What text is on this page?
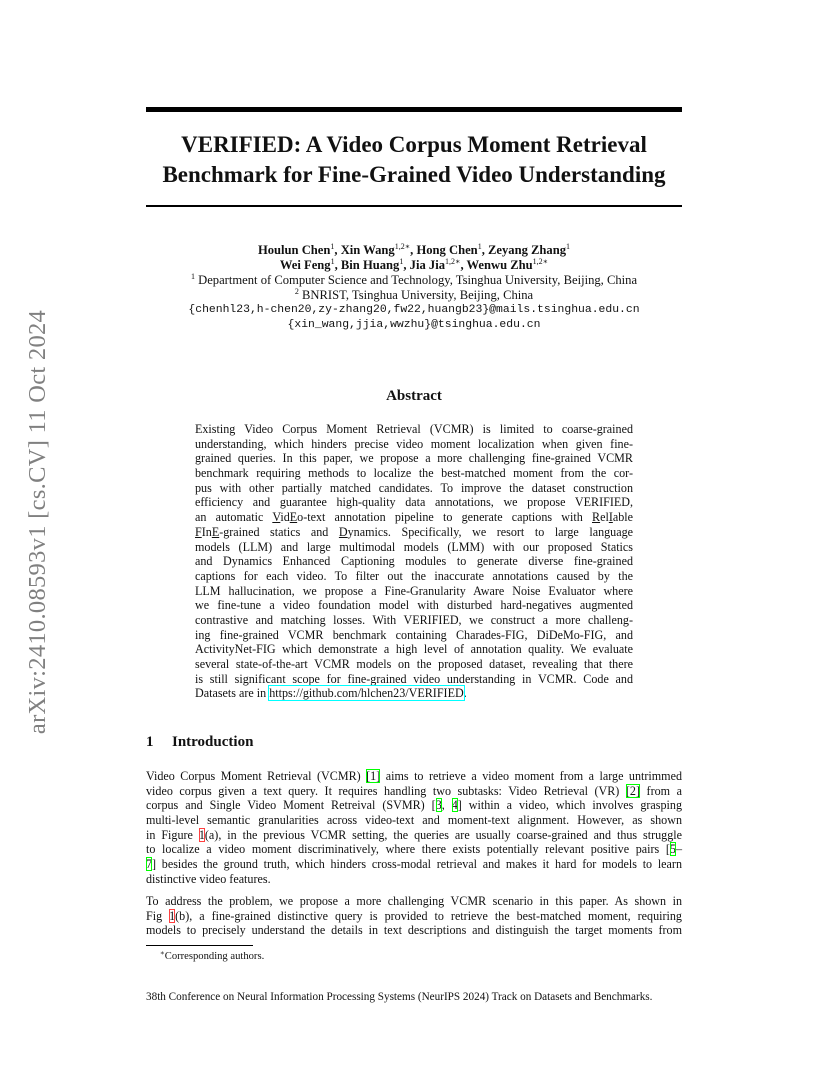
arXiv:2410.08593v1 [cs.CV] 11 Oct 2024
VERIFIED: A Video Corpus Moment Retrieval
Benchmark for Fine-Grained Video Understanding
Houlun Chen$^1$, Xin Wang$^{1,2∗}$, Hong Chen$^1$, Zeyang Zhang$^1$
Wei Feng$^1$, Bin Huang$^1$, Jia Jia$^{1,2∗}$, Wenwu Zhu$^{1,2∗}$
$^1$ Department of Computer Science and Technology, Tsinghua University, Beijing, China
$^2$ BNRIST, Tsinghua University, Beijing, China
{chenhl23,h-chen20,zy-zhang20,fw22,huangb23}@mails.tsinghua.edu.cn
{xin_wang,jjia,wwzhu}@tsinghua.edu.cn
Abstract
Existing Video Corpus Moment Retrieval (VCMR) is limited to coarse-grained
understanding, which hinders precise video moment localization when given fine-
grained queries. In this paper, we propose a more challenging fine-grained VCMR
benchmark requiring methods to localize the best-matched moment from the cor-
pus with other partially matched candidates. To improve the dataset construction
efficiency and guarantee high-quality data annotations, we propose VERIFIED,
an automatic VidEo-text annotation pipeline to generate captions with RelIable
FInE-grained statics and Dynamics. Specifically, we resort to large language
models (LLM) and large multimodal models (LMM) with our proposed Statics
and Dynamics Enhanced Captioning modules to generate diverse fine-grained
captions for each video. To filter out the inaccurate annotations caused by the
LLM hallucination, we propose a Fine-Granularity Aware Noise Evaluator where
we fine-tune a video foundation model with disturbed hard-negatives augmented
contrastive and matching losses. With VERIFIED, we construct a more challeng-
ing fine-grained VCMR benchmark containing Charades-FIG, DiDeMo-FIG, and
ActivityNet-FIG which demonstrate a high level of annotation quality. We evaluate
several state-of-the-art VCMR models on the proposed dataset, revealing that there
is still significant scope for fine-grained video understanding in VCMR. Code and
Datasets are in https://github.com/hlchen23/VERIFIED.
1 Introduction
Video Corpus Moment Retrieval (VCMR) [1] aims to retrieve a video moment from a large untrimmed
video corpus given a text query. It requires handling two subtasks: Video Retrieval (VR) [2] from a
corpus and Single Video Moment Retreival (SVMR) [3, 4] within a video, which involves grasping
multi-level semantic granularities across video-text and moment-text alignment. However, as shown
in Figure 1(a), in the previous VCMR setting, the queries are usually coarse-grained and thus struggle
to localize a video moment discriminatively, where there exists potentially relevant positive pairs [5–
7] besides the ground truth, which hinders cross-modal retrieval and makes it hard for models to learn
distinctive video features.
To address the problem, we propose a more challenging VCMR scenario in this paper. As shown in
Fig 1(b), a fine-grained distinctive query is provided to retrieve the best-matched moment, requiring
models to precisely understand the details in text descriptions and distinguish the target moments from
∗Corresponding authors.
38th Conference on Neural Information Processing Systems (NeurIPS 2024) Track on Datasets and Benchmarks.
